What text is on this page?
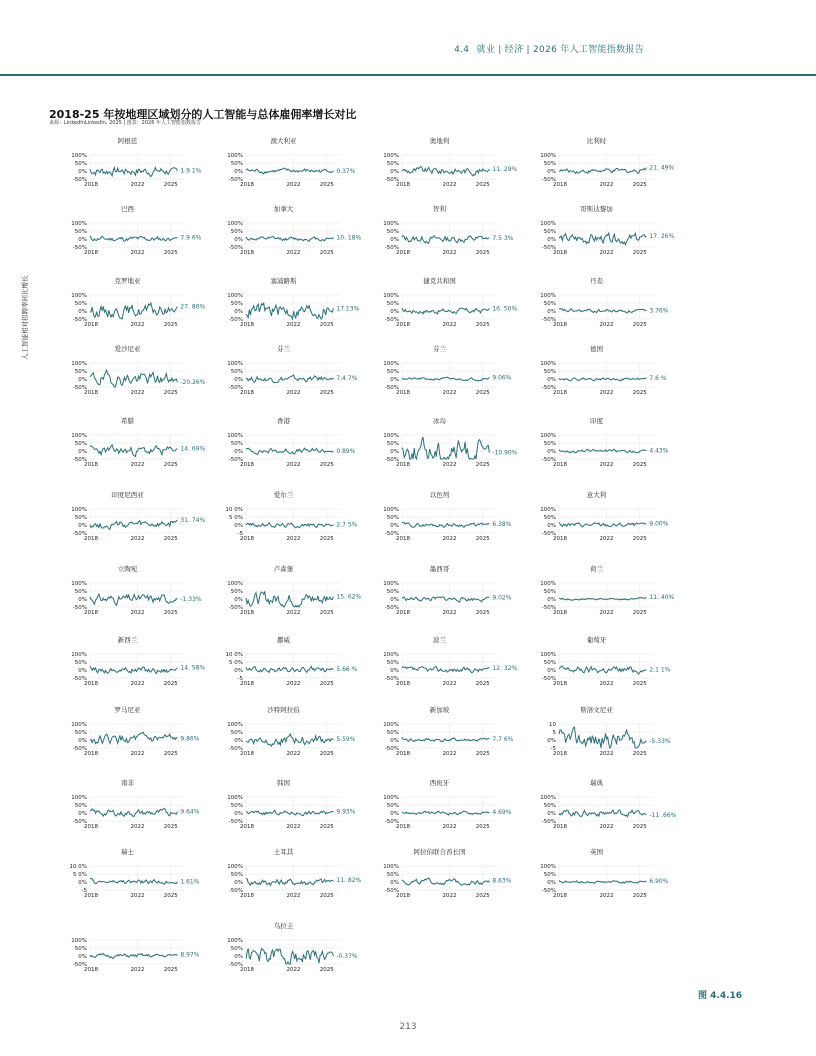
4.4 就业 | 经济 | 2026 年人工智能指数报告
2018-25 年按地理区域划分的人工智能与总体雇佣率增长对比
来源：LinkedInLinkedIn, 2025 | 图表：2026 年人工智能指数报告
人工智能相对招聘率同比增长
阿根廷
100%
50%
0%
-50%
2018	2022	2025
1.9 1%
澳大利亚
100%
50%
0%
-50%
2018	2022	2025
0.37%
奥地利
100%
50%
0%
-50%
2018	2022	2025
11. 29%
比利时
100%
50%
0%
-50%
2018	2022	2025
21. 49%
巴西
100%
50%
0%
-50%
2018	2022	2025
7.9 6%
加拿大
100%
50%
0%
-50%
2018	2022	2025
10. 18%
智利
100%
50%
0%
-50%
2018	2022	2025
7.5 3%
哥斯达黎加
100%
50%
0%
-50%
2018	2022	2025
17. 26%
克罗地亚
100%
50%
0%
-50%
2018	2022	2025
27. 80%
塞浦路斯
100%
50%
0%
-50%
2018	2022	2025
17.13%
捷克共和国
100%
50%
0%
-50%
2018	2022	2025
16. 50%
丹麦
100%
50%
0%
-50%
2018	2022	2025
3.76%
爱沙尼亚
100%
50%
0%
-50%
2018	2022	2025
-20.26%
芬兰
100%
50%
0%
-50%
2018	2022	2025
7.4 7%
芬兰
100%
50%
0%
-50%
2018	2022	2025
9.06%
德国
100%
50%
0%
-50%
2018	2022	2025
7.6 %
希腊
100%
50%
0%
-50%
2018	2022	2025
14. 69%
香港
100%
50%
0%
-50%
2018	2022	2025
0.89%
冰岛
100%
50%
0%
-50%
2018	2022	2025
-10.90%
印度
100%
50%
0%
-50%
2018	2022	2025
4.43%
印度尼西亚
100%
50%
0%
-50%
2018	2022	2025
31. 74%
爱尔兰
10 0%
5 0%
0%
-5
2018	2022	2025
2.7 5%
以色列
100%
50%
0%
-50%
2018	2022	2025
6.38%
意大利
100%
50%
0%
-50%
2018	2022	2025
9.00%
立陶宛
100%
50%
0%
-50%
2018	2022	2025
-1.33%
卢森堡
100%
50%
0%
-50%
2018	2022	2025
15. 62%
墨西哥
100%
50%
0%
-50%
2018	2022	2025
9.02%
荷兰
100%
50%
0%
-50%
2018	2022	2025
11. 40%
新西兰
100%
50%
0%
-50%
2018	2022	2025
14. 58%
挪威
10 0%
5 0%
0%
-5
2018	2022	2025
5.66 %
波兰
100%
50%
0%
-50%
2018	2022	2025
12. 32%
葡萄牙
100%
50%
0%
-50%
2018	2022	2025
2.1 1%
罗马尼亚
100%
50%
0%
-50%
2018	2022	2025
9.86%
沙特阿拉伯
100%
50%
0%
-50%
2018	2022	2025
5.59%
新加坡
100%
50%
0%
-50%
2018	2022	2025
7.7 6%
斯洛文尼亚
10
5
0%
-5
2018	2022	2025
-5.33%
南非
100%
50%
0%
-50%
2018	2022	2025
9.64%
韩国
100%
50%
0%
-50%
2018	2022	2025
9.93%
西班牙
100%
50%
0%
-50%
2018	2022	2025
4.69%
瑞典
100%
50%
0%
-50%
2018	2022	2025
-11 .66%
瑞士
10 0%
5 0%
0%
-5
2018	2022	2025
1.61%
土耳其
100%
50%
0%
-50%
2018	2022	2025
11. 82%
阿拉伯联合酋长国
100%
50%
0%
-50%
2018	2022	2025
8.63%
英国
100%
50%
0%
-50%
2018	2022	2025
6.90%
100%
50%
0%
-50%
2018	2022	2025
8.97%
乌拉圭
100%
50%
0%
-50%
2018	2022	2025
-0.37%
图 4.4.16
213
